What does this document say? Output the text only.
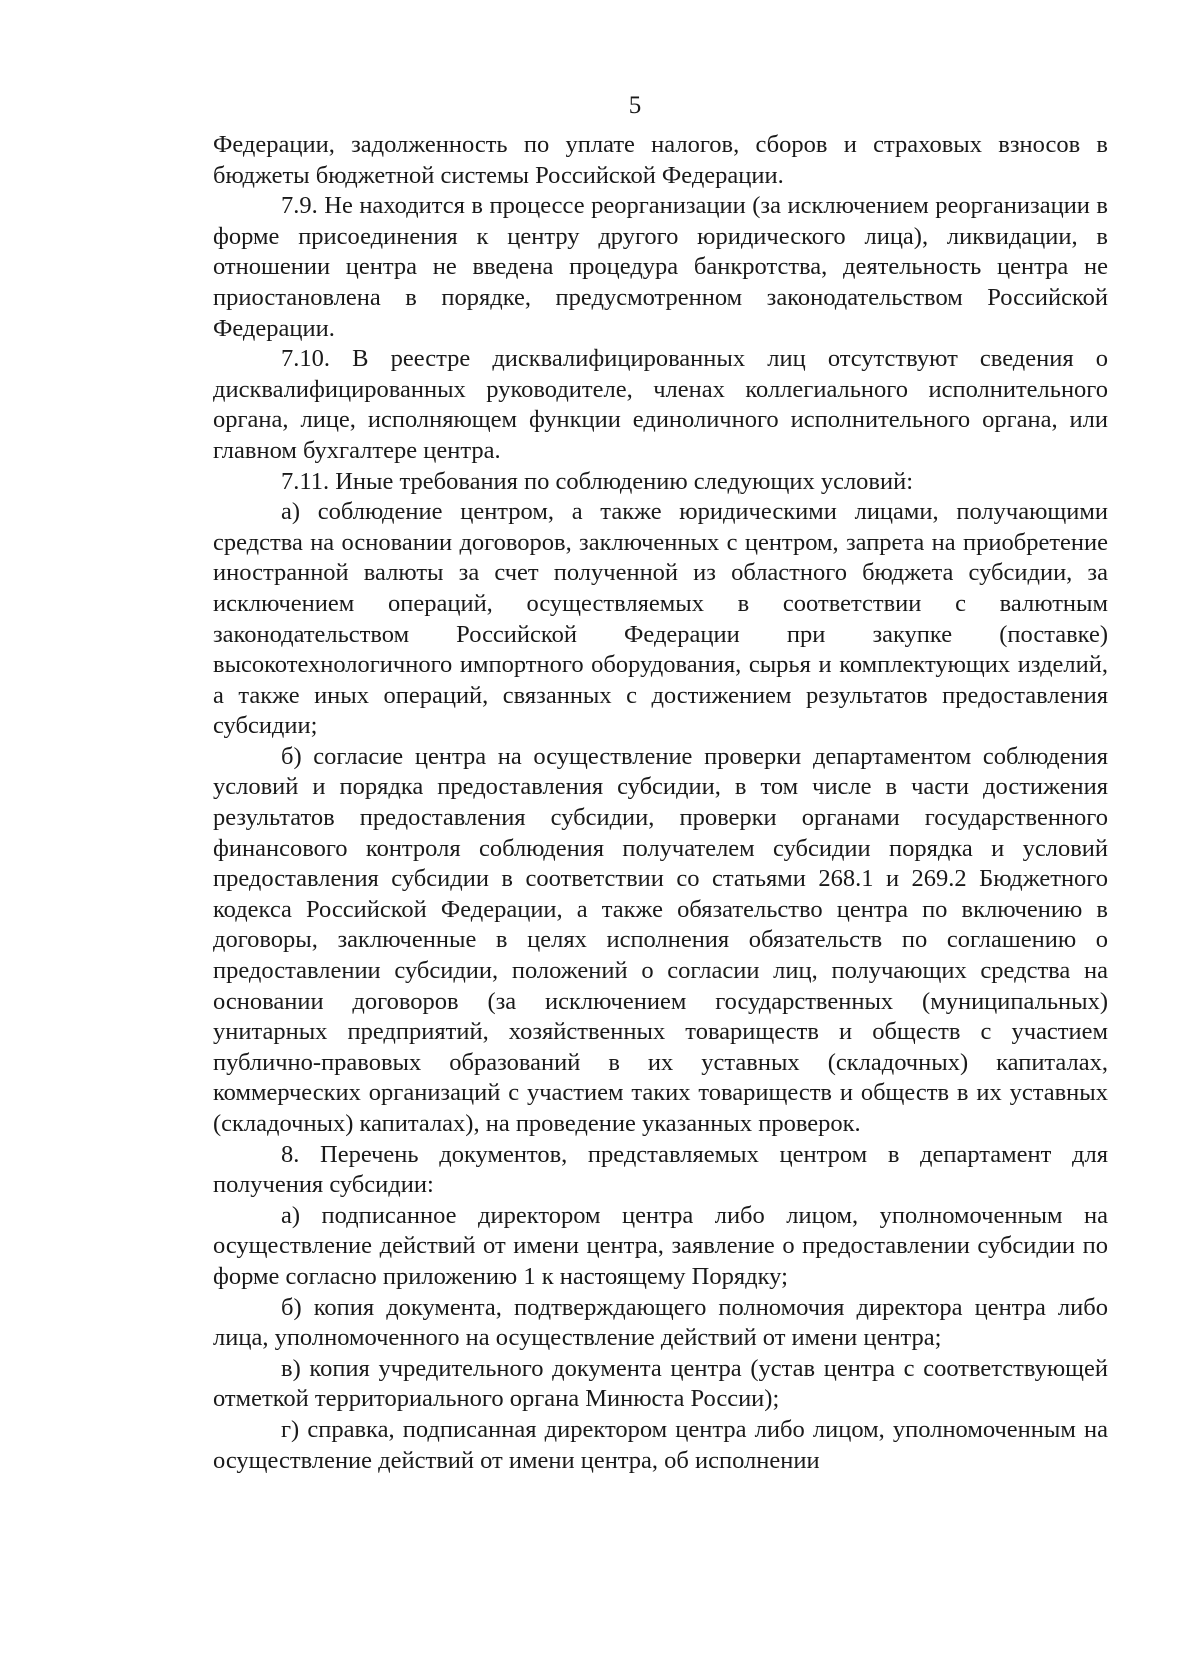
5

Федерации, задолженность по уплате налогов, сборов и страховых взносов в бюджеты бюджетной системы Российской Федерации.

7.9. Не находится в процессе реорганизации (за исключением реорганизации в форме присоединения к центру другого юридического лица), ликвидации, в отношении центра не введена процедура банкротства, деятельность центра не приостановлена в порядке, предусмотренном законодательством Российской Федерации.

7.10. В реестре дисквалифицированных лиц отсутствуют сведения о дисквалифицированных руководителе, членах коллегиального исполнительного органа, лице, исполняющем функции единоличного исполнительного органа, или главном бухгалтере центра.

7.11. Иные требования по соблюдению следующих условий:

а) соблюдение центром, а также юридическими лицами, получающими средства на основании договоров, заключенных с центром, запрета на приобретение иностранной валюты за счет полученной из областного бюджета субсидии, за исключением операций, осуществляемых в соответствии с валютным законодательством Российской Федерации при закупке (поставке) высокотехнологичного импортного оборудования, сырья и комплектующих изделий, а также иных операций, связанных с достижением результатов предоставления субсидии;

б) согласие центра на осуществление проверки департаментом соблюдения условий и порядка предоставления субсидии, в том числе в части достижения результатов предоставления субсидии, проверки органами государственного финансового контроля соблюдения получателем субсидии порядка и условий предоставления субсидии в соответствии со статьями 268.1 и 269.2 Бюджетного кодекса Российской Федерации, а также обязательство центра по включению в договоры, заключенные в целях исполнения обязательств по соглашению о предоставлении субсидии, положений о согласии лиц, получающих средства на основании договоров (за исключением государственных (муниципальных) унитарных предприятий, хозяйственных товариществ и обществ с участием публично-правовых образований в их уставных (складочных) капиталах, коммерческих организаций с участием таких товариществ и обществ в их уставных (складочных) капиталах), на проведение указанных проверок.

8. Перечень документов, представляемых центром в департамент для получения субсидии:

а) подписанное директором центра либо лицом, уполномоченным на осуществление действий от имени центра, заявление о предоставлении субсидии по форме согласно приложению 1 к настоящему Порядку;

б) копия документа, подтверждающего полномочия директора центра либо лица, уполномоченного на осуществление действий от имени центра;

в) копия учредительного документа центра (устав центра с соответствующей отметкой территориального органа Минюста России);

г) справка, подписанная директором центра либо лицом, уполномоченным на осуществление действий от имени центра, об исполнении
